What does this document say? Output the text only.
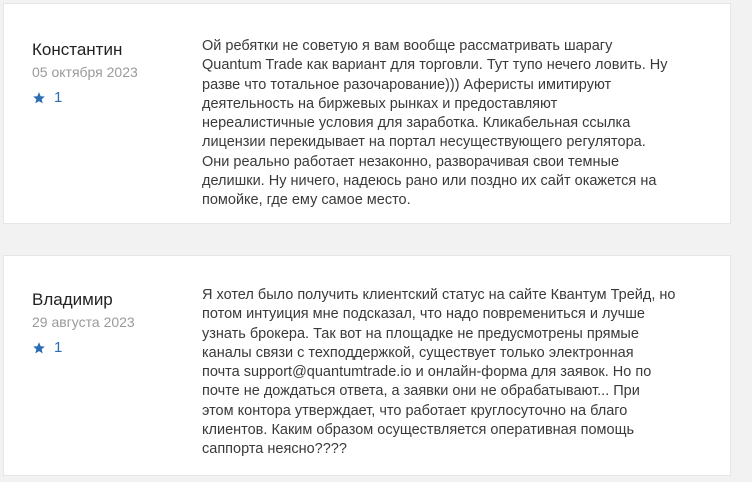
Константин
05 октября 2023
1
Ой ребятки не советую я вам вообще рассматривать шарагу
Quantum Trade как вариант для торговли. Тут тупо нечего ловить. Ну
разве что тотальное разочарование))) Аферисты имитируют
деятельность на биржевых рынках и предоставляют
нереалистичные условия для заработка. Кликабельная ссылка
лицензии перекидывает на портал несуществующего регулятора.
Они реально работает незаконно, разворачивая свои темные
делишки. Ну ничего, надеюсь рано или поздно их сайт окажется на
помойке, где ему самое место.
Владимир
29 августа 2023
1
Я хотел было получить клиентский статус на сайте Квантум Трейд, но
потом интуиция мне подсказал, что надо повремениться и лучше
узнать брокера. Так вот на площадке не предусмотрены прямые
каналы связи с техподдержкой, существует только электронная
почта support@quantumtrade.io и онлайн-форма для заявок. Но по
почте не дождаться ответа, а заявки они не обрабатывают... При
этом контора утверждает, что работает круглосуточно на благо
клиентов. Каким образом осуществляется оперативная помощь
саппорта неясно????
